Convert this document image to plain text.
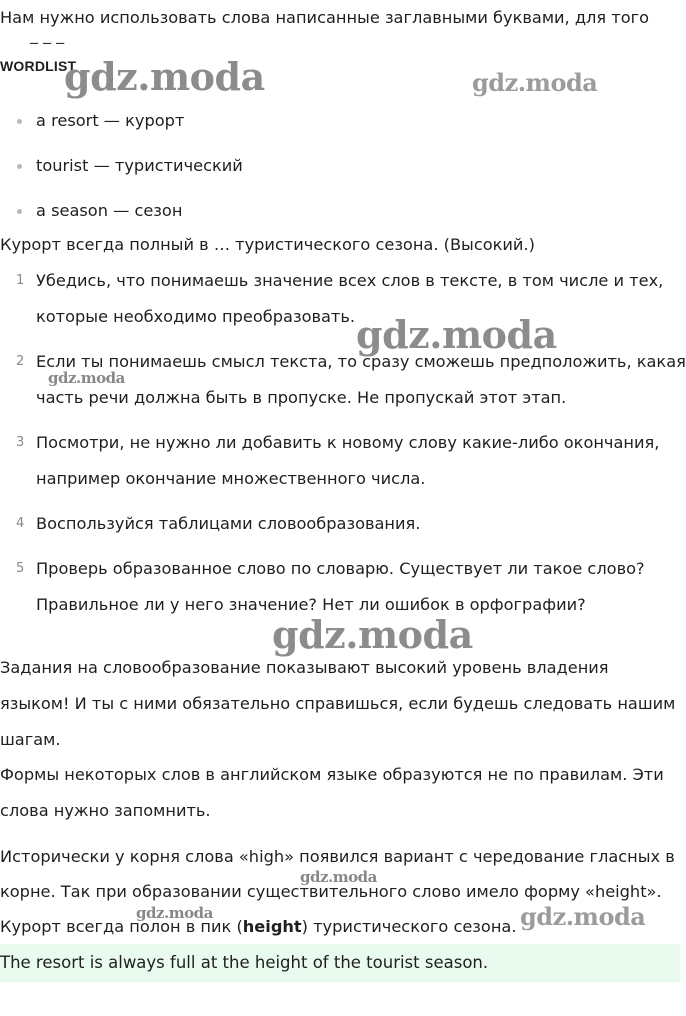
Нам нужно использовать слова написанные заглавными буквами, для того

‾ ‾ ‾

WORDLIST

a resort — курорт
tourist — туристический
a season — сезон

Курорт всегда полный в … туристического сезона. (Высокий.)

1 Убедись, что понимаешь значение всех слов в тексте, в том числе и тех,
которые необходимо преобразовать.
2 Если ты понимаешь смысл текста, то сразу сможешь предположить, какая
часть речи должна быть в пропуске. Не пропускай этот этап.
3 Посмотри, не нужно ли добавить к новому слову какие-либо окончания,
например окончание множественного числа.
4 Воспользуйся таблицами словообразования.
5 Проверь образованное слово по словарю. Существует ли такое слово?
Правильное ли у него значение? Нет ли ошибок в орфографии?

Задания на словообразование показывают высокий уровень владения

языком! И ты с ними обязательно справишься, если будешь следовать нашим

шагам.

Формы некоторых слов в английском языке образуются не по правилам. Эти

слова нужно запомнить.

Исторически у корня слова «high» появился вариант с чередование гласных в

корне. Так при образовании существительного слово имело форму «height».

Курорт всегда полон в пик (height) туристического сезона.

The resort is always full at the height of the tourist season.
gdz.moda	gdz.moda
gdz.moda
gdz.moda
gdz.moda
gdz.moda
gdz.moda	gdz.moda
